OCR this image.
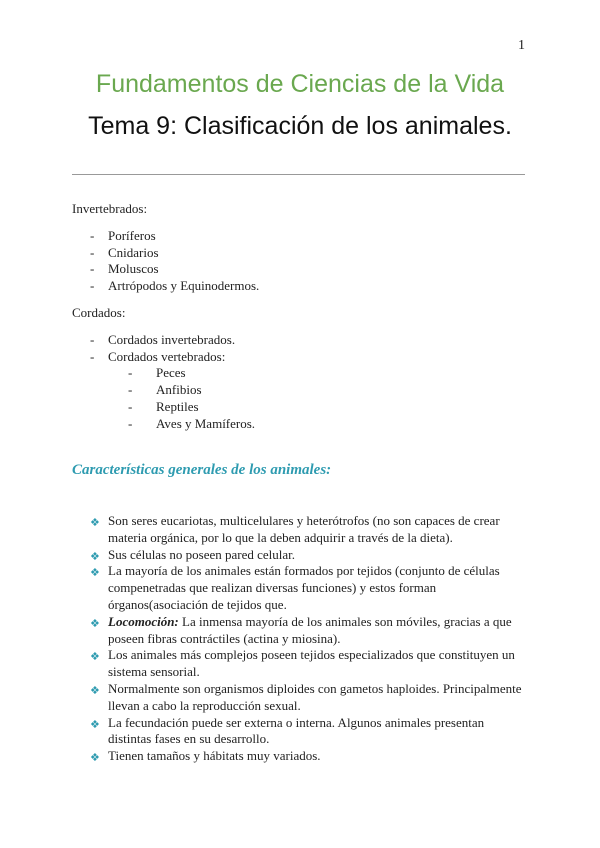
1
Fundamentos de Ciencias de la Vida
Tema 9: Clasificación de los animales.

Invertebrados:

- Poríferos
- Cnidarios
- Moluscos
- Artrópodos y Equinodermos.

Cordados:

- Cordados invertebrados.
- Cordados vertebrados:
- Peces
- Anfibios
- Reptiles
- Aves y Mamíferos.
Características generales de los animales:
❖ Son seres eucariotas, multicelulares y heterótrofos (no son capaces de crear materia orgánica, por lo que la deben adquirir a través de la dieta).
❖ Sus células no poseen pared celular.
❖ La mayoría de los animales están formados por tejidos (conjunto de células compenetradas que realizan diversas funciones) y estos forman órganos(asociación de tejidos que.
❖ Locomoción: La inmensa mayoría de los animales son móviles, gracias a que poseen fibras contráctiles (actina y miosina).
❖ Los animales más complejos poseen tejidos especializados que constituyen un sistema sensorial.
❖ Normalmente son organismos diploides con gametos haploides. Principalmente llevan a cabo la reproducción sexual.
❖ La fecundación puede ser externa o interna. Algunos animales presentan distintas fases en su desarrollo.
❖ Tienen tamaños y hábitats muy variados.
